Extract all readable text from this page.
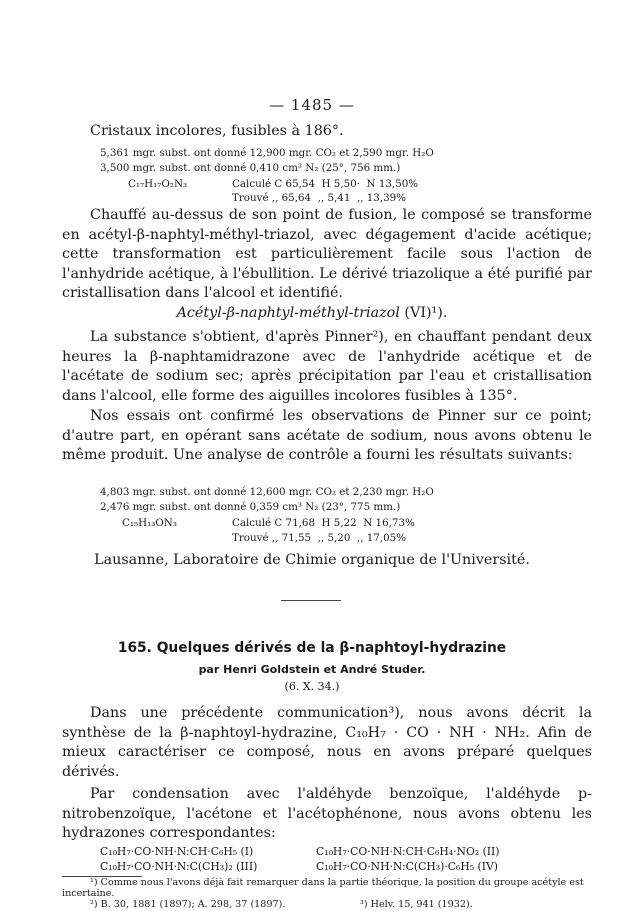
— 1485 —

Cristaux incolores, fusibles à 186°.

5,361 mgr. subst. ont donné 12,900 mgr. CO₂ et 2,590 mgr. H₂O
3,500 mgr. subst. ont donné 0,410 cm³ N₂ (25°, 756 mm.)
C₁₇H₁₇O₂N₃	Calculé C 65,54  H 5,50·  N 13,50%
Trouvé ,, 65,64  ,, 5,41  ,, 13,39%

Chauffé au-dessus de son point de fusion, le composé se transforme en acétyl-β-naphtyl-méthyl-triazol, avec dégagement d'acide acétique; cette transformation est particulièrement facile sous l'action de l'anhydride acétique, à l'ébullition. Le dérivé triazolique a été purifié par cristallisation dans l'alcool et identifié.

Acétyl-β-naphtyl-méthyl-triazol (VI)¹).

La substance s'obtient, d'après Pinner²), en chauffant pendant deux heures la β-naphtamidrazone avec de l'anhydride acétique et de l'acétate de sodium sec; après précipitation par l'eau et cristallisation dans l'alcool, elle forme des aiguilles incolores fusibles à 135°.

Nos essais ont confirmé les observations de Pinner sur ce point; d'autre part, en opérant sans acétate de sodium, nous avons obtenu le même produit. Une analyse de contrôle a fourni les résultats suivants:

4,803 mgr. subst. ont donné 12,600 mgr. CO₂ et 2,230 mgr. H₂O
2,476 mgr. subst. ont donné 0,359 cm³ N₂ (23°, 775 mm.)
C₁₅H₁₃ON₃	Calculé C 71,68  H 5,22  N 16,73%
Trouvé ,, 71,55  ,, 5,20  ,, 17,05%
Lausanne, Laboratoire de Chimie organique de l'Université.
165. Quelques dérivés de la β-naphtoyl-hydrazine
par Henri Goldstein et André Studer.
(6. X. 34.)

Dans une précédente communication³), nous avons décrit la synthèse de la β-naphtoyl-hydrazine, C₁₀H₇ · CO · NH · NH₂. Afin de mieux caractériser ce composé, nous en avons préparé quelques dérivés.

Par condensation avec l'aldéhyde benzoïque, l'aldéhyde p-nitrobenzoïque, l'acétone et l'acétophénone, nous avons obtenu les hydrazones correspondantes:

C₁₀H₇·CO·NH·N:CH·C₆H₅ (I)	C₁₀H₇·CO·NH·N:CH·C₆H₄·NO₂ (II)
C₁₀H₇·CO·NH·N:C(CH₃)₂ (III)	C₁₀H₇·CO·NH·N:C(CH₃)·C₆H₅ (IV)
¹) Comme nous l'avons déjà fait remarquer dans la partie théorique, la position du groupe acétyle est incertaine.
²) B. 30, 1881 (1897); A. 298, 37 (1897).	³) Helv. 15, 941 (1932).
